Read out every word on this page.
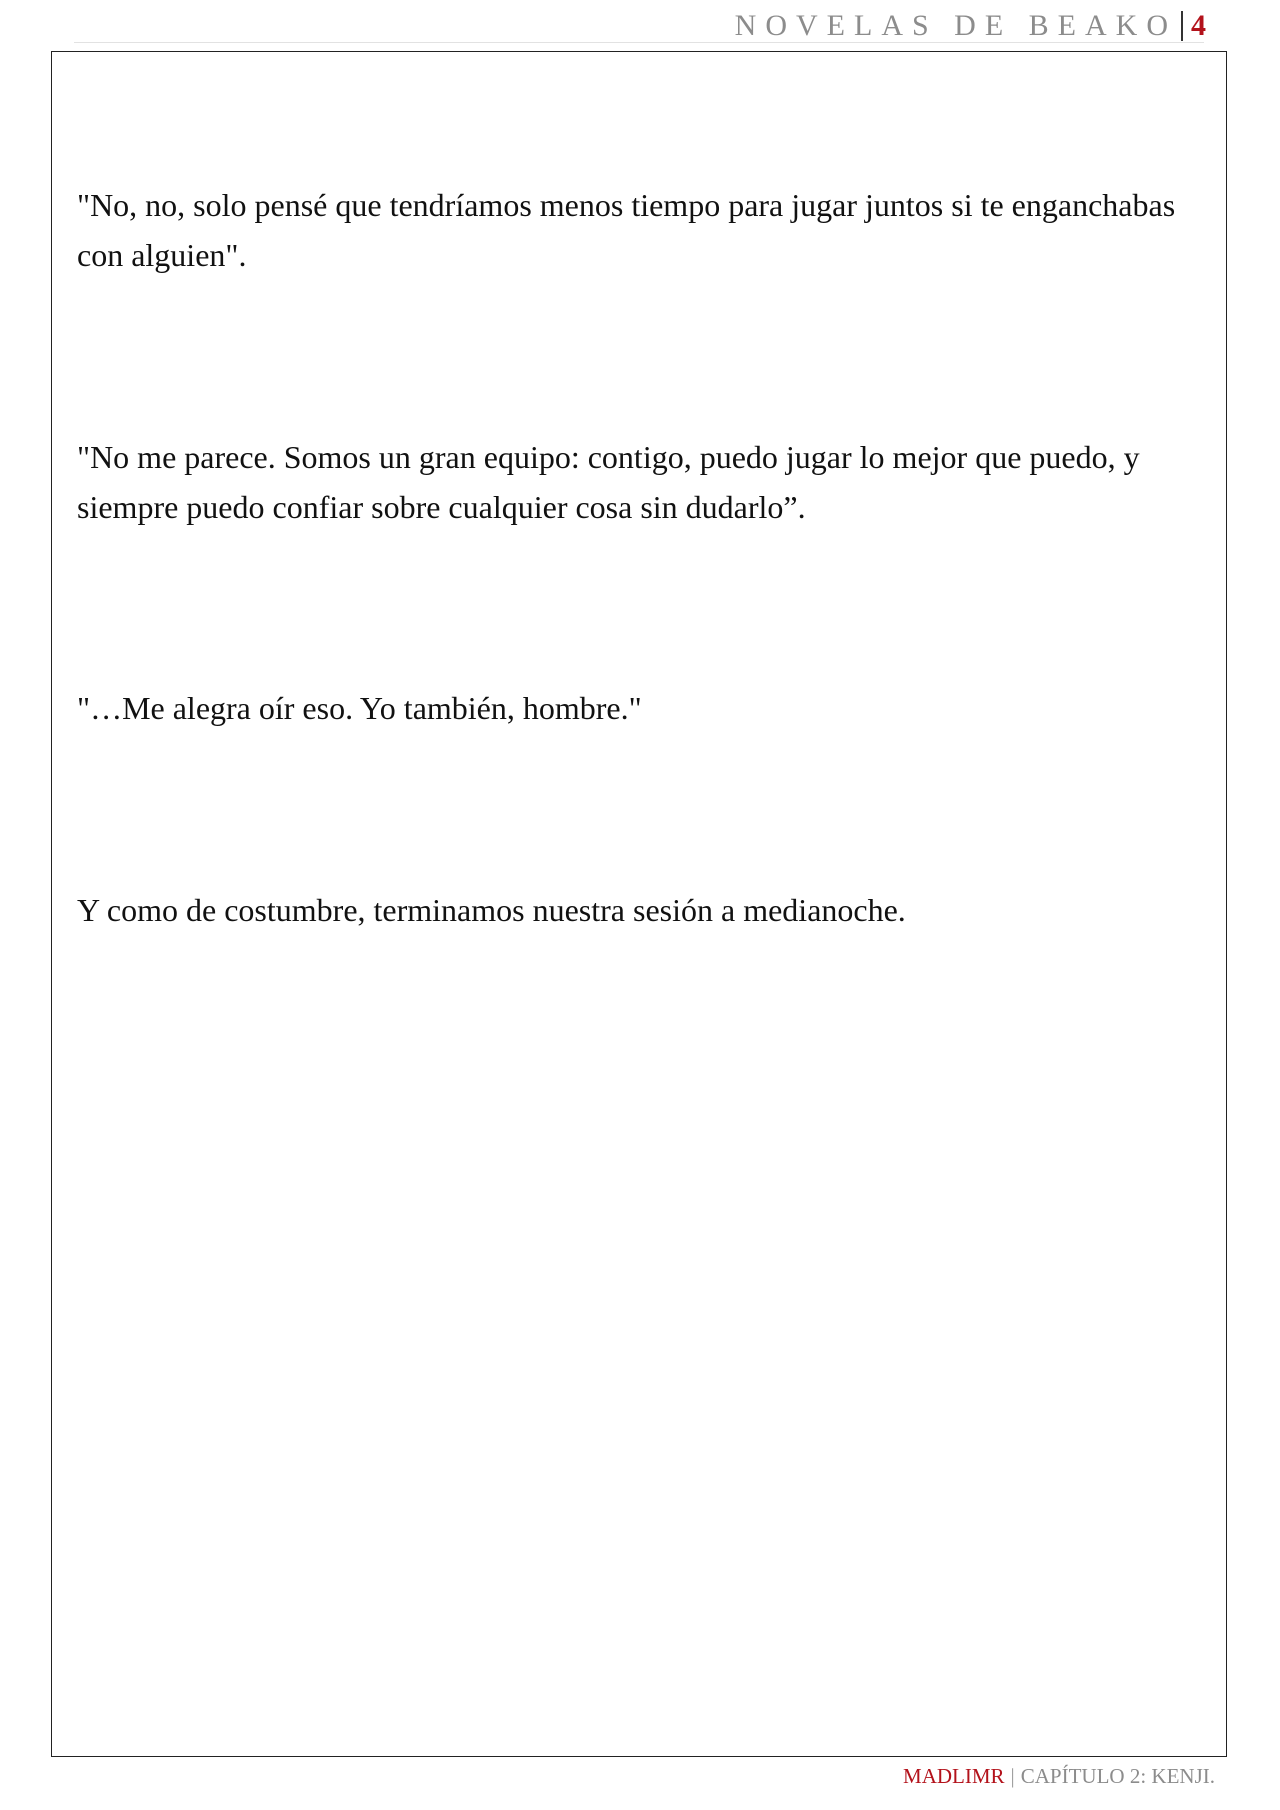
NOVELAS DE BEAKO 4

"No, no, solo pensé que tendríamos menos tiempo para jugar juntos si te enganchabas con alguien".

"No me parece. Somos un gran equipo: contigo, puedo jugar lo mejor que puedo, y siempre puedo confiar sobre cualquier cosa sin dudarlo”.

"…Me alegra oír eso. Yo también, hombre."

Y como de costumbre, terminamos nuestra sesión a medianoche.

MADLIMR | CAPÍTULO 2: KENJI.
